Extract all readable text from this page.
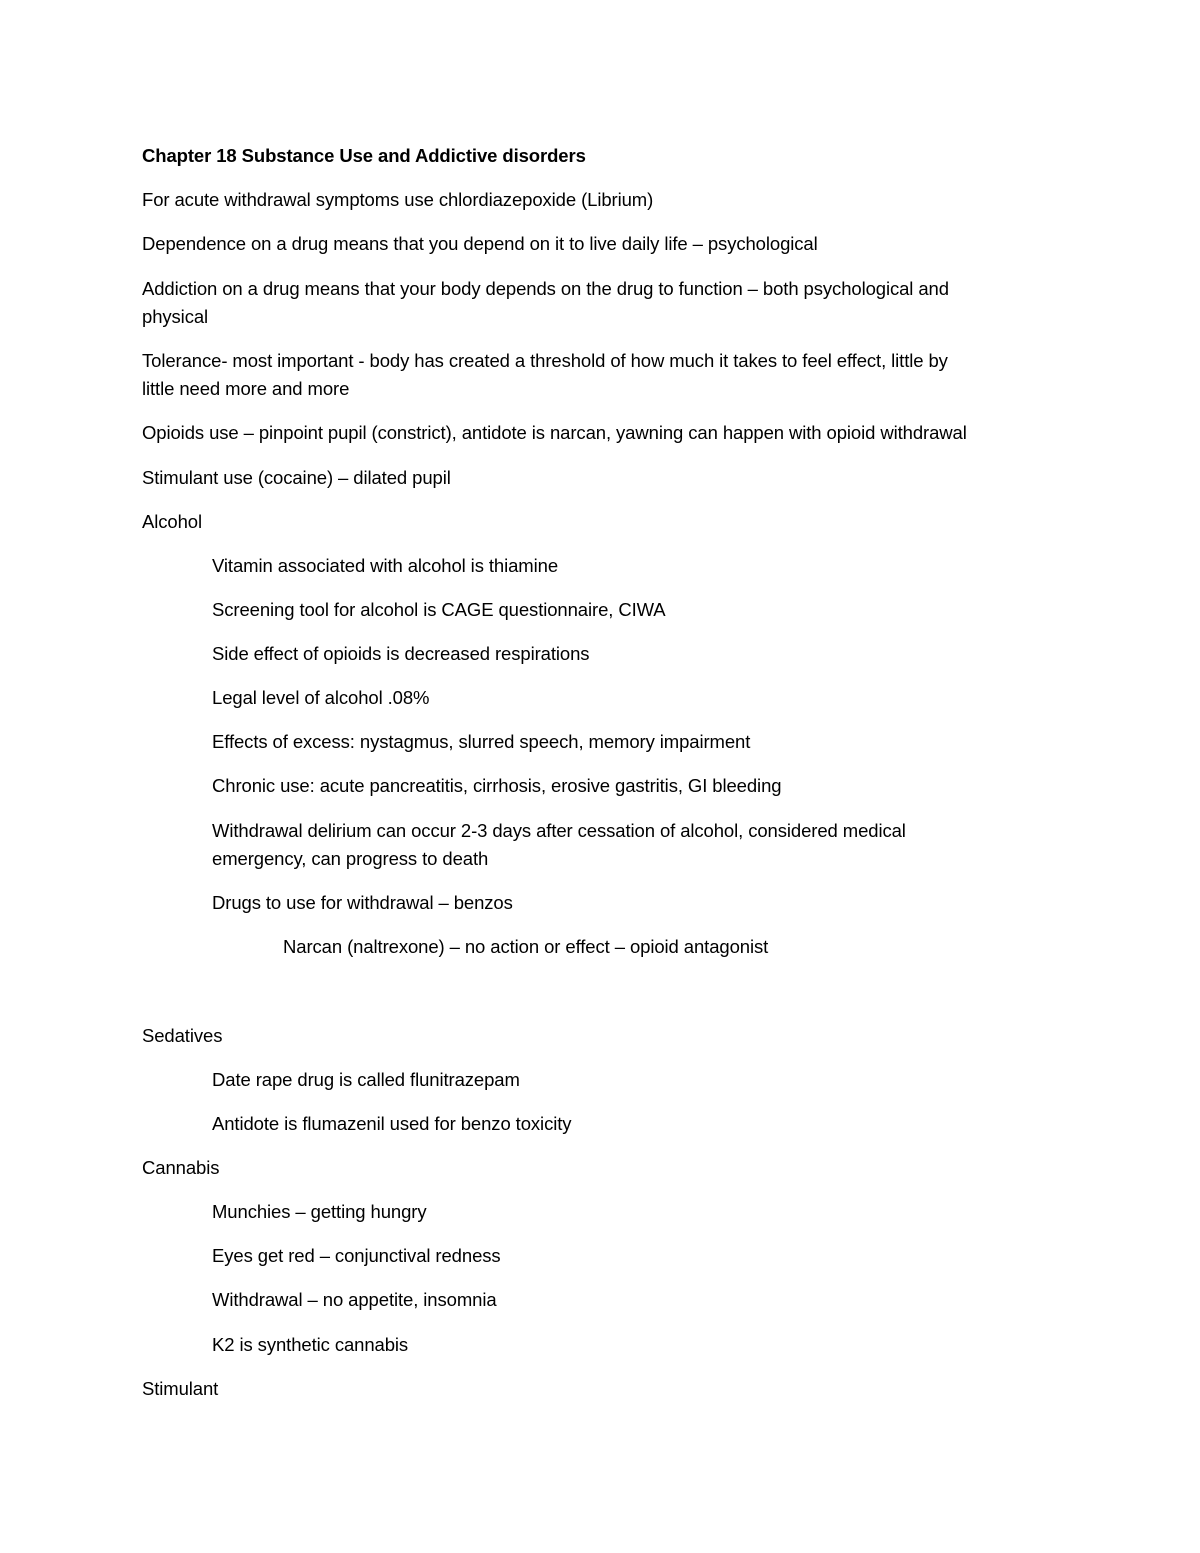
Chapter 18 Substance Use and Addictive disorders
For acute withdrawal symptoms use chlordiazepoxide (Librium)
Dependence on a drug means that you depend on it to live daily life – psychological
Addiction on a drug means that your body depends on the drug to function – both psychological and
physical
Tolerance- most important - body has created a threshold of how much it takes to feel effect, little by
little need more and more
Opioids use – pinpoint pupil (constrict), antidote is narcan, yawning can happen with opioid withdrawal
Stimulant use (cocaine) – dilated pupil
Alcohol
Vitamin associated with alcohol is thiamine
Screening tool for alcohol is CAGE questionnaire, CIWA
Side effect of opioids is decreased respirations
Legal level of alcohol .08%
Effects of excess: nystagmus, slurred speech, memory impairment
Chronic use: acute pancreatitis, cirrhosis, erosive gastritis, GI bleeding
Withdrawal delirium can occur 2-3 days after cessation of alcohol, considered medical
emergency, can progress to death
Drugs to use for withdrawal – benzos
Narcan (naltrexone) – no action or effect – opioid antagonist
Sedatives
Date rape drug is called flunitrazepam
Antidote is flumazenil used for benzo toxicity
Cannabis
Munchies – getting hungry
Eyes get red – conjunctival redness
Withdrawal – no appetite, insomnia
K2 is synthetic cannabis
Stimulant
